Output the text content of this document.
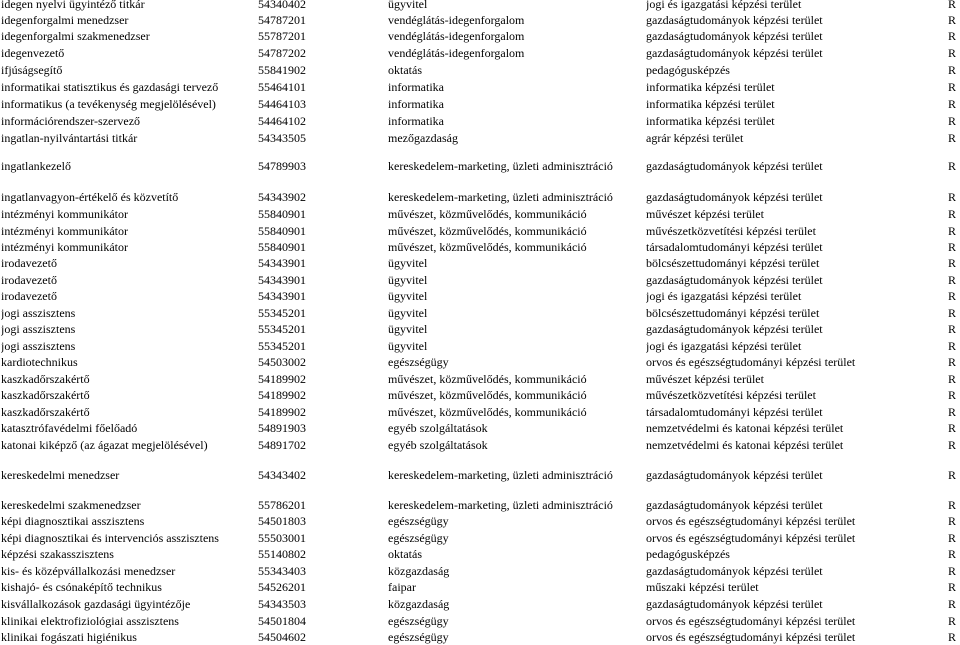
idegen nyelvi ügyintéző titkár	54340402	ügyvitel	jogi és igazgatási képzési terület	R
idegenforgalmi menedzser	54787201	vendéglátás-idegenforgalom	gazdaságtudományok képzési terület	R
idegenforgalmi szakmenedzser	55787201	vendéglátás-idegenforgalom	gazdaságtudományok képzési terület	R
idegenvezető	54787202	vendéglátás-idegenforgalom	gazdaságtudományok képzési terület	R
ifjúságsegítő	55841902	oktatás	pedagógusképzés	R
informatikai statisztikus és gazdasági tervező	55464101	informatika	informatika képzési terület	R
informatikus (a tevékenység megjelölésével)	54464103	informatika	informatika képzési terület	R
információrendszer-szervező	54464102	informatika	informatika képzési terület	R
ingatlan-nyilvántartási titkár	54343505	mezőgazdaság	agrár képzési terület	R
ingatlankezelő	54789903	kereskedelem-marketing, üzleti adminisztráció	gazdaságtudományok képzési terület	R
ingatlanvagyon-értékelő és közvetítő	54343902	kereskedelem-marketing, üzleti adminisztráció	gazdaságtudományok képzési terület	R
intézményi kommunikátor	55840901	művészet, közművelődés, kommunikáció	művészet képzési terület	R
intézményi kommunikátor	55840901	művészet, közművelődés, kommunikáció	művészetközvetítési képzési terület	R
intézményi kommunikátor	55840901	művészet, közművelődés, kommunikáció	társadalomtudományi képzési terület	R
irodavezető	54343901	ügyvitel	bölcsészettudományi képzési terület	R
irodavezető	54343901	ügyvitel	gazdaságtudományok képzési terület	R
irodavezető	54343901	ügyvitel	jogi és igazgatási képzési terület	R
jogi asszisztens	55345201	ügyvitel	bölcsészettudományi képzési terület	R
jogi asszisztens	55345201	ügyvitel	gazdaságtudományok képzési terület	R
jogi asszisztens	55345201	ügyvitel	jogi és igazgatási képzési terület	R
kardiotechnikus	54503002	egészségügy	orvos és egészségtudományi képzési terület	R
kaszkadőrszakértő	54189902	művészet, közművelődés, kommunikáció	művészet képzési terület	R
kaszkadőrszakértő	54189902	művészet, közművelődés, kommunikáció	művészetközvetítési képzési terület	R
kaszkadőrszakértő	54189902	művészet, közművelődés, kommunikáció	társadalomtudományi képzési terület	R
katasztrófavédelmi főelőadó	54891903	egyéb szolgáltatások	nemzetvédelmi és katonai képzési terület	R
katonai kiképző (az ágazat megjelölésével)	54891702	egyéb szolgáltatások	nemzetvédelmi és katonai képzési terület	R
kereskedelmi menedzser	54343402	kereskedelem-marketing, üzleti adminisztráció	gazdaságtudományok képzési terület	R
kereskedelmi szakmenedzser	55786201	kereskedelem-marketing, üzleti adminisztráció	gazdaságtudományok képzési terület	R
képi diagnosztikai asszisztens	54501803	egészségügy	orvos és egészségtudományi képzési terület	R
képi diagnosztikai és intervenciós asszisztens	55503001	egészségügy	orvos és egészségtudományi képzési terület	R
képzési szakasszisztens	55140802	oktatás	pedagógusképzés	R
kis- és középvállalkozási menedzser	55343403	közgazdaság	gazdaságtudományok képzési terület	R
kishajó- és csónaképítő technikus	54526201	faipar	műszaki képzési terület	R
kisvállalkozások gazdasági ügyintézője	54343503	közgazdaság	gazdaságtudományok képzési terület	R
klinikai elektrofiziológiai asszisztens	54501804	egészségügy	orvos és egészségtudományi képzési terület	R
klinikai fogászati higiénikus	54504602	egészségügy	orvos és egészségtudományi képzési terület	R
